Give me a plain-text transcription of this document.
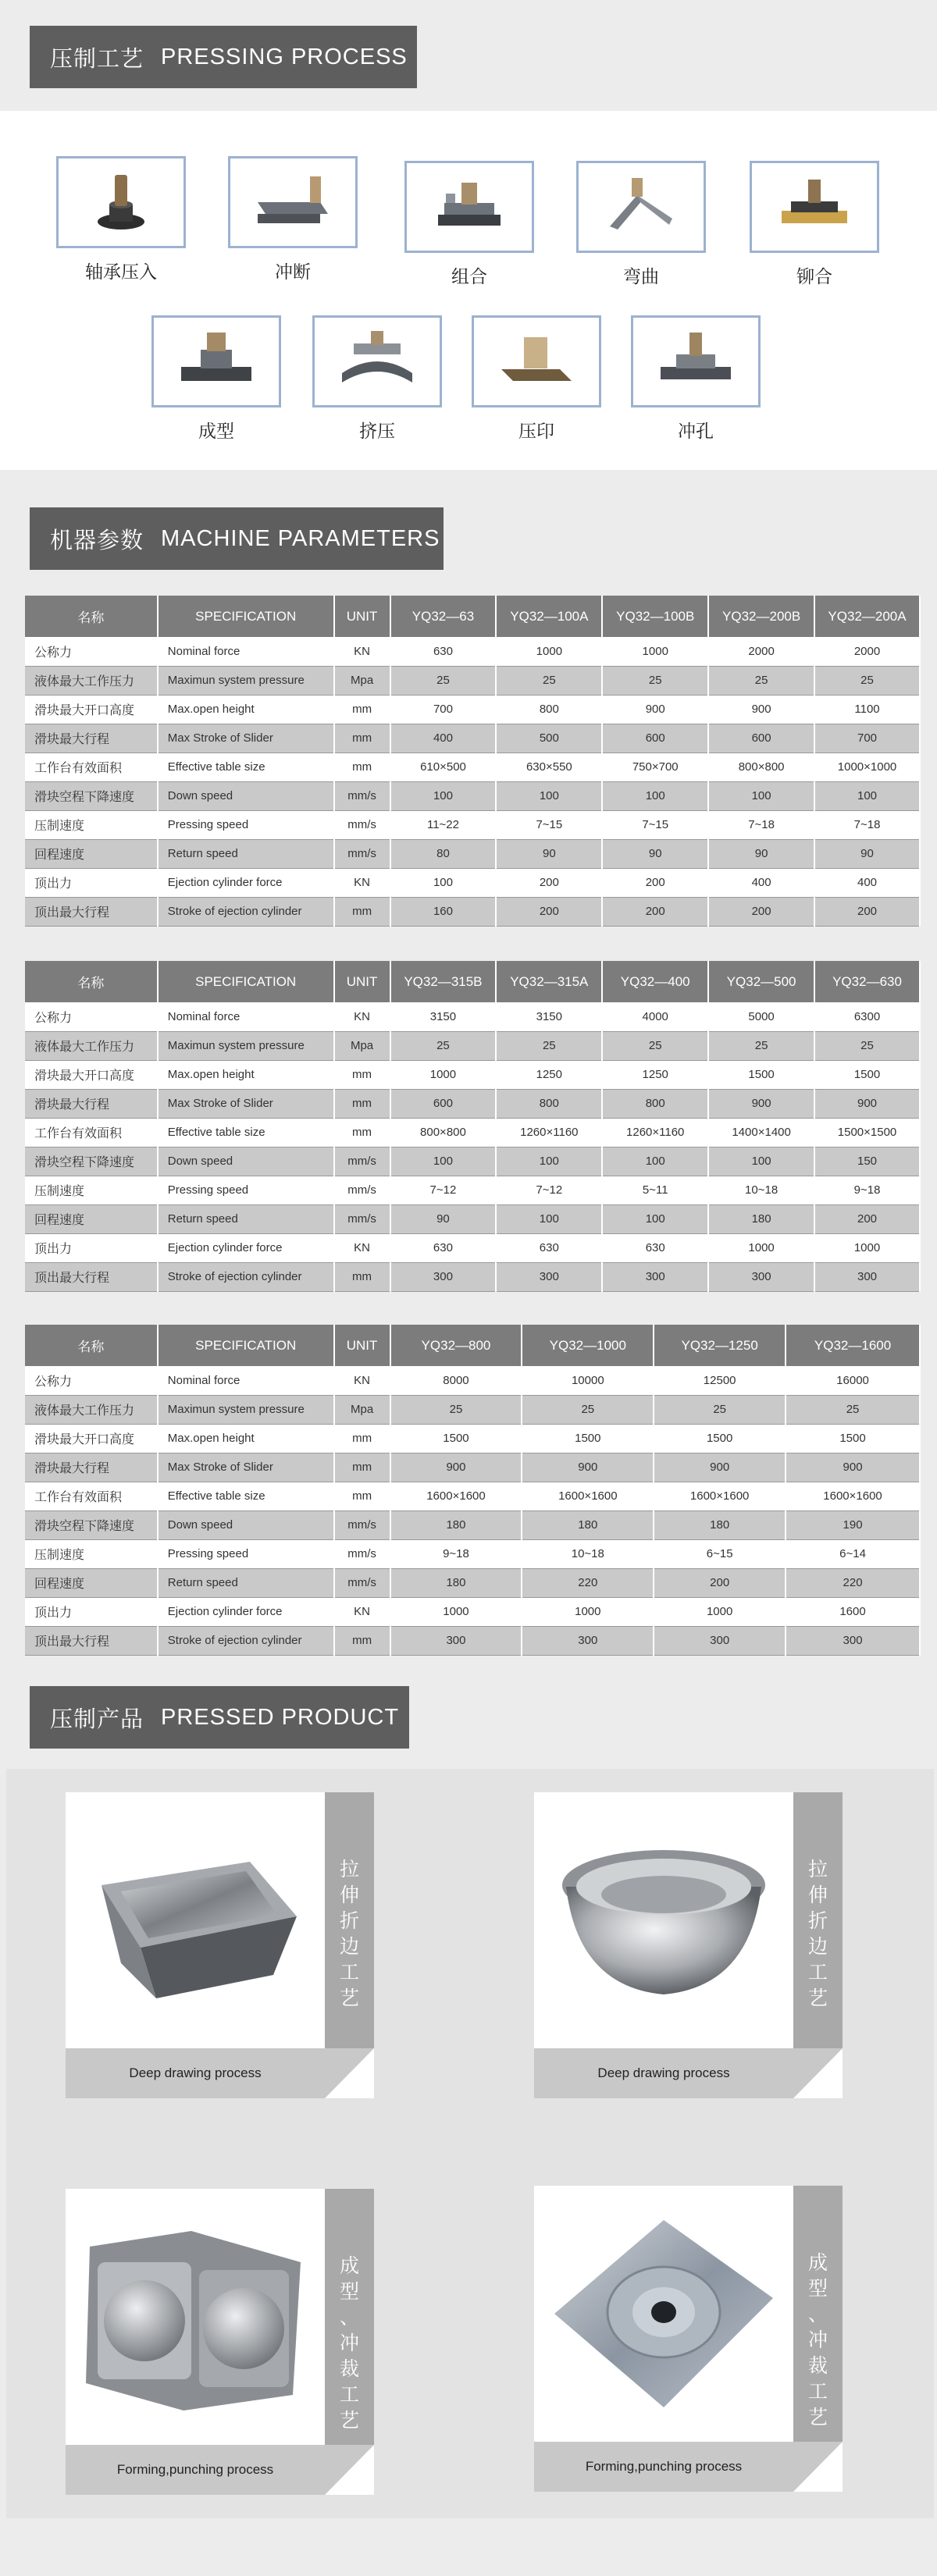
压制工艺 PRESSING PROCESS
轴承压入	冲断	组合	弯曲	铆合
成型	挤压	压印	冲孔
机器参数 MACHINE PARAMETERS
名称	SPECIFICATION	UNIT	YQ32—63	YQ32—100A	YQ32—100B	YQ32—200B	YQ32—200A
公称力	Nominal force	KN	630	1000	1000	2000	2000
液体最大工作压力	Maximun system pressure	Mpa	25	25	25	25	25
滑块最大开口高度	Max.open height	mm	700	800	900	900	1100
滑块最大行程	Max Stroke of Slider	mm	400	500	600	600	700
工作台有效面积	Effective table size	mm	610×500	630×550	750×700	800×800	1000×1000
滑块空程下降速度	Down speed	mm/s	100	100	100	100	100
压制速度	Pressing speed	mm/s	11~22	7~15	7~15	7~18	7~18
回程速度	Return speed	mm/s	80	90	90	90	90
顶出力	Ejection cylinder force	KN	100	200	200	400	400
顶出最大行程	Stroke of ejection cylinder	mm	160	200	200	200	200
名称	SPECIFICATION	UNIT	YQ32—315B	YQ32—315A	YQ32—400	YQ32—500	YQ32—630
公称力	Nominal force	KN	3150	3150	4000	5000	6300
液体最大工作压力	Maximun system pressure	Mpa	25	25	25	25	25
滑块最大开口高度	Max.open height	mm	1000	1250	1250	1500	1500
滑块最大行程	Max Stroke of Slider	mm	600	800	800	900	900
工作台有效面积	Effective table size	mm	800×800	1260×1160	1260×1160	1400×1400	1500×1500
滑块空程下降速度	Down speed	mm/s	100	100	100	100	150
压制速度	Pressing speed	mm/s	7~12	7~12	5~11	10~18	9~18
回程速度	Return speed	mm/s	90	100	100	180	200
顶出力	Ejection cylinder force	KN	630	630	630	1000	1000
顶出最大行程	Stroke of ejection cylinder	mm	300	300	300	300	300
名称	SPECIFICATION	UNIT	YQ32—800	YQ32—1000	YQ32—1250	YQ32—1600
公称力	Nominal force	KN	8000	10000	12500	16000
液体最大工作压力	Maximun system pressure	Mpa	25	25	25	25
滑块最大开口高度	Max.open height	mm	1500	1500	1500	1500
滑块最大行程	Max Stroke of Slider	mm	900	900	900	900
工作台有效面积	Effective table size	mm	1600×1600	1600×1600	1600×1600	1600×1600
滑块空程下降速度	Down speed	mm/s	180	180	180	190
压制速度	Pressing speed	mm/s	9~18	10~18	6~15	6~14
回程速度	Return speed	mm/s	180	220	200	220
顶出力	Ejection cylinder force	KN	1000	1000	1000	1600
顶出最大行程	Stroke of ejection cylinder	mm	300	300	300	300
压制产品 PRESSED PRODUCT
拉
伸
折
边
工
艺
Deep drawing process
拉
伸
折
边
工
艺
Deep drawing process
成
型
、
冲
裁
工
艺
Forming,punching process
成
型
、
冲
裁
工
艺
Forming,punching process
